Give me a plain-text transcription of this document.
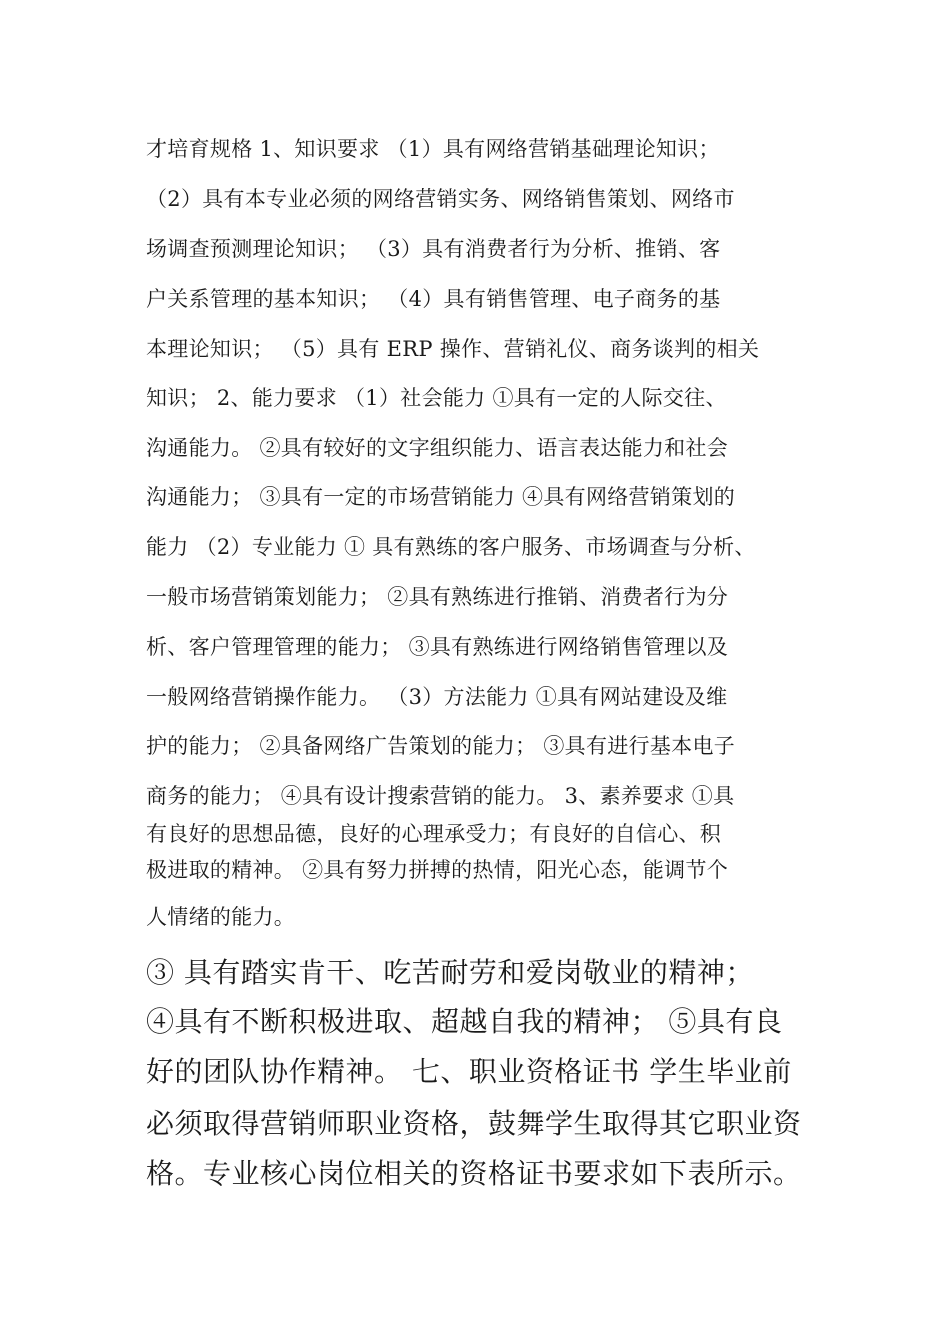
才培育规格 1、知识要求 （1）具有网络营销基础理论知识；
（2）具有本专业必须的网络营销实务、网络销售策划、网络市
场调查预测理论知识； （3）具有消费者行为分析、推销、客
户关系管理的基本知识； （4）具有销售管理、电子商务的基
本理论知识； （5）具有 ERP 操作、营销礼仪、商务谈判的相关
知识； 2、能力要求 （1）社会能力 ①具有一定的人际交往、
沟通能力。 ②具有较好的文字组织能力、语言表达能力和社会
沟通能力； ③具有一定的市场营销能力 ④具有网络营销策划的
能力 （2）专业能力 ① 具有熟练的客户服务、市场调查与分析、
一般市场营销策划能力； ②具有熟练进行推销、消费者行为分
析、客户管理管理的能力； ③具有熟练进行网络销售管理以及
一般网络营销操作能力。 （3）方法能力 ①具有网站建设及维
护的能力； ②具备网络广告策划的能力； ③具有进行基本电子
商务的能力； ④具有设计搜索营销的能力。 3、素养要求 ①具
有良好的思想品德，良好的心理承受力；有良好的自信心、积
极进取的精神。 ②具有努力拼搏的热情，阳光心态，能调节个
人情绪的能力。
③ 具有踏实肯干、吃苦耐劳和爱岗敬业的精神；
④具有不断积极进取、超越自我的精神； ⑤具有良
好的团队协作精神。 七、职业资格证书 学生毕业前
必须取得营销师职业资格，鼓舞学生取得其它职业资
格。专业核心岗位相关的资格证书要求如下表所示。
